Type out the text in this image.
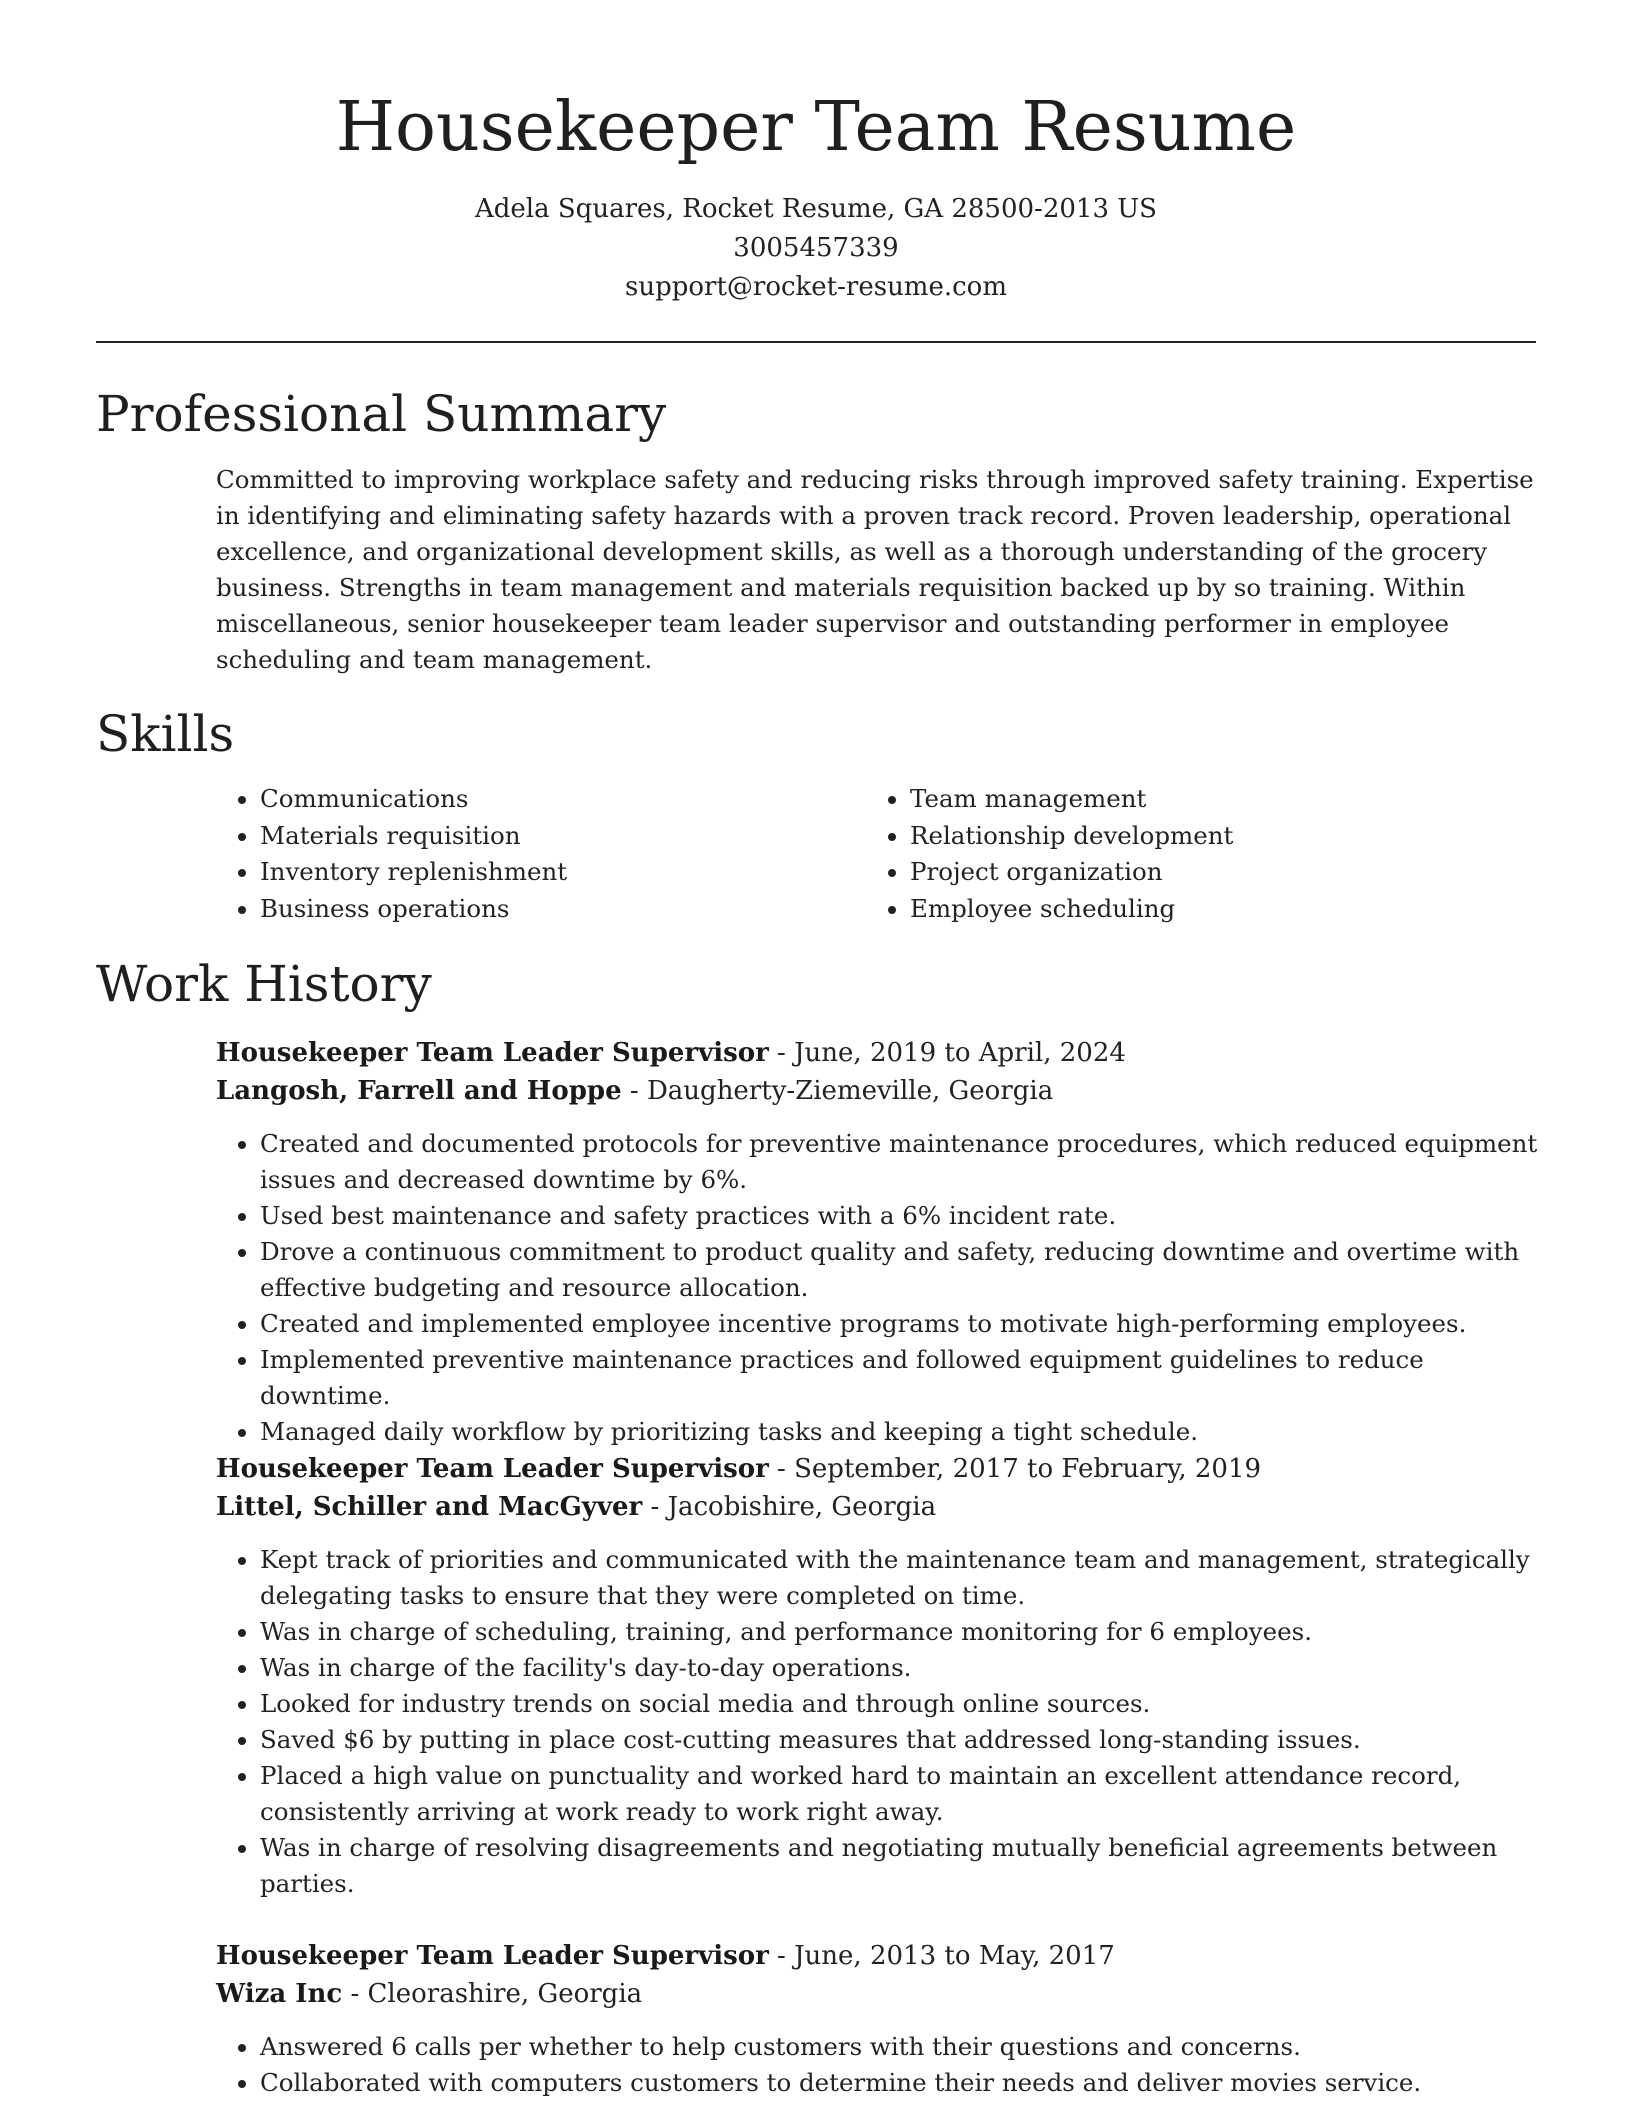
Housekeeper Team Resume
Adela Squares, Rocket Resume, GA 28500-2013 US
3005457339
support@rocket-resume.com
Professional Summary

Committed to improving workplace safety and reducing risks through improved safety training. Expertise in identifying and eliminating safety hazards with a proven track record. Proven leadership, operational excellence, and organizational development skills, as well as a thorough understanding of the grocery business. Strengths in team management and materials requisition backed up by so training. Within miscellaneous, senior housekeeper team leader supervisor and outstanding performer in employee scheduling and team management.

Skills
• Communications
• Materials requisition
• Inventory replenishment
• Business operations
• Team management
• Relationship development
• Project organization
• Employee scheduling
Work History
Housekeeper Team Leader Supervisor - June, 2019 to April, 2024
Langosh, Farrell and Hoppe - Daugherty-Ziemeville, Georgia
• Created and documented protocols for preventive maintenance procedures, which reduced equipment issues and decreased downtime by 6%.
• Used best maintenance and safety practices with a 6% incident rate.
• Drove a continuous commitment to product quality and safety, reducing downtime and overtime with effective budgeting and resource allocation.
• Created and implemented employee incentive programs to motivate high-performing employees.
• Implemented preventive maintenance practices and followed equipment guidelines to reduce downtime.
• Managed daily workflow by prioritizing tasks and keeping a tight schedule.
Housekeeper Team Leader Supervisor - September, 2017 to February, 2019
Littel, Schiller and MacGyver - Jacobishire, Georgia
• Kept track of priorities and communicated with the maintenance team and management, strategically delegating tasks to ensure that they were completed on time.
• Was in charge of scheduling, training, and performance monitoring for 6 employees.
• Was in charge of the facility's day-to-day operations.
• Looked for industry trends on social media and through online sources.
• Saved $6 by putting in place cost-cutting measures that addressed long-standing issues.
• Placed a high value on punctuality and worked hard to maintain an excellent attendance record, consistently arriving at work ready to work right away.
• Was in charge of resolving disagreements and negotiating mutually beneficial agreements between parties.
Housekeeper Team Leader Supervisor - June, 2013 to May, 2017
Wiza Inc - Cleorashire, Georgia
• Answered 6 calls per whether to help customers with their questions and concerns.
• Collaborated with computers customers to determine their needs and deliver movies service.
